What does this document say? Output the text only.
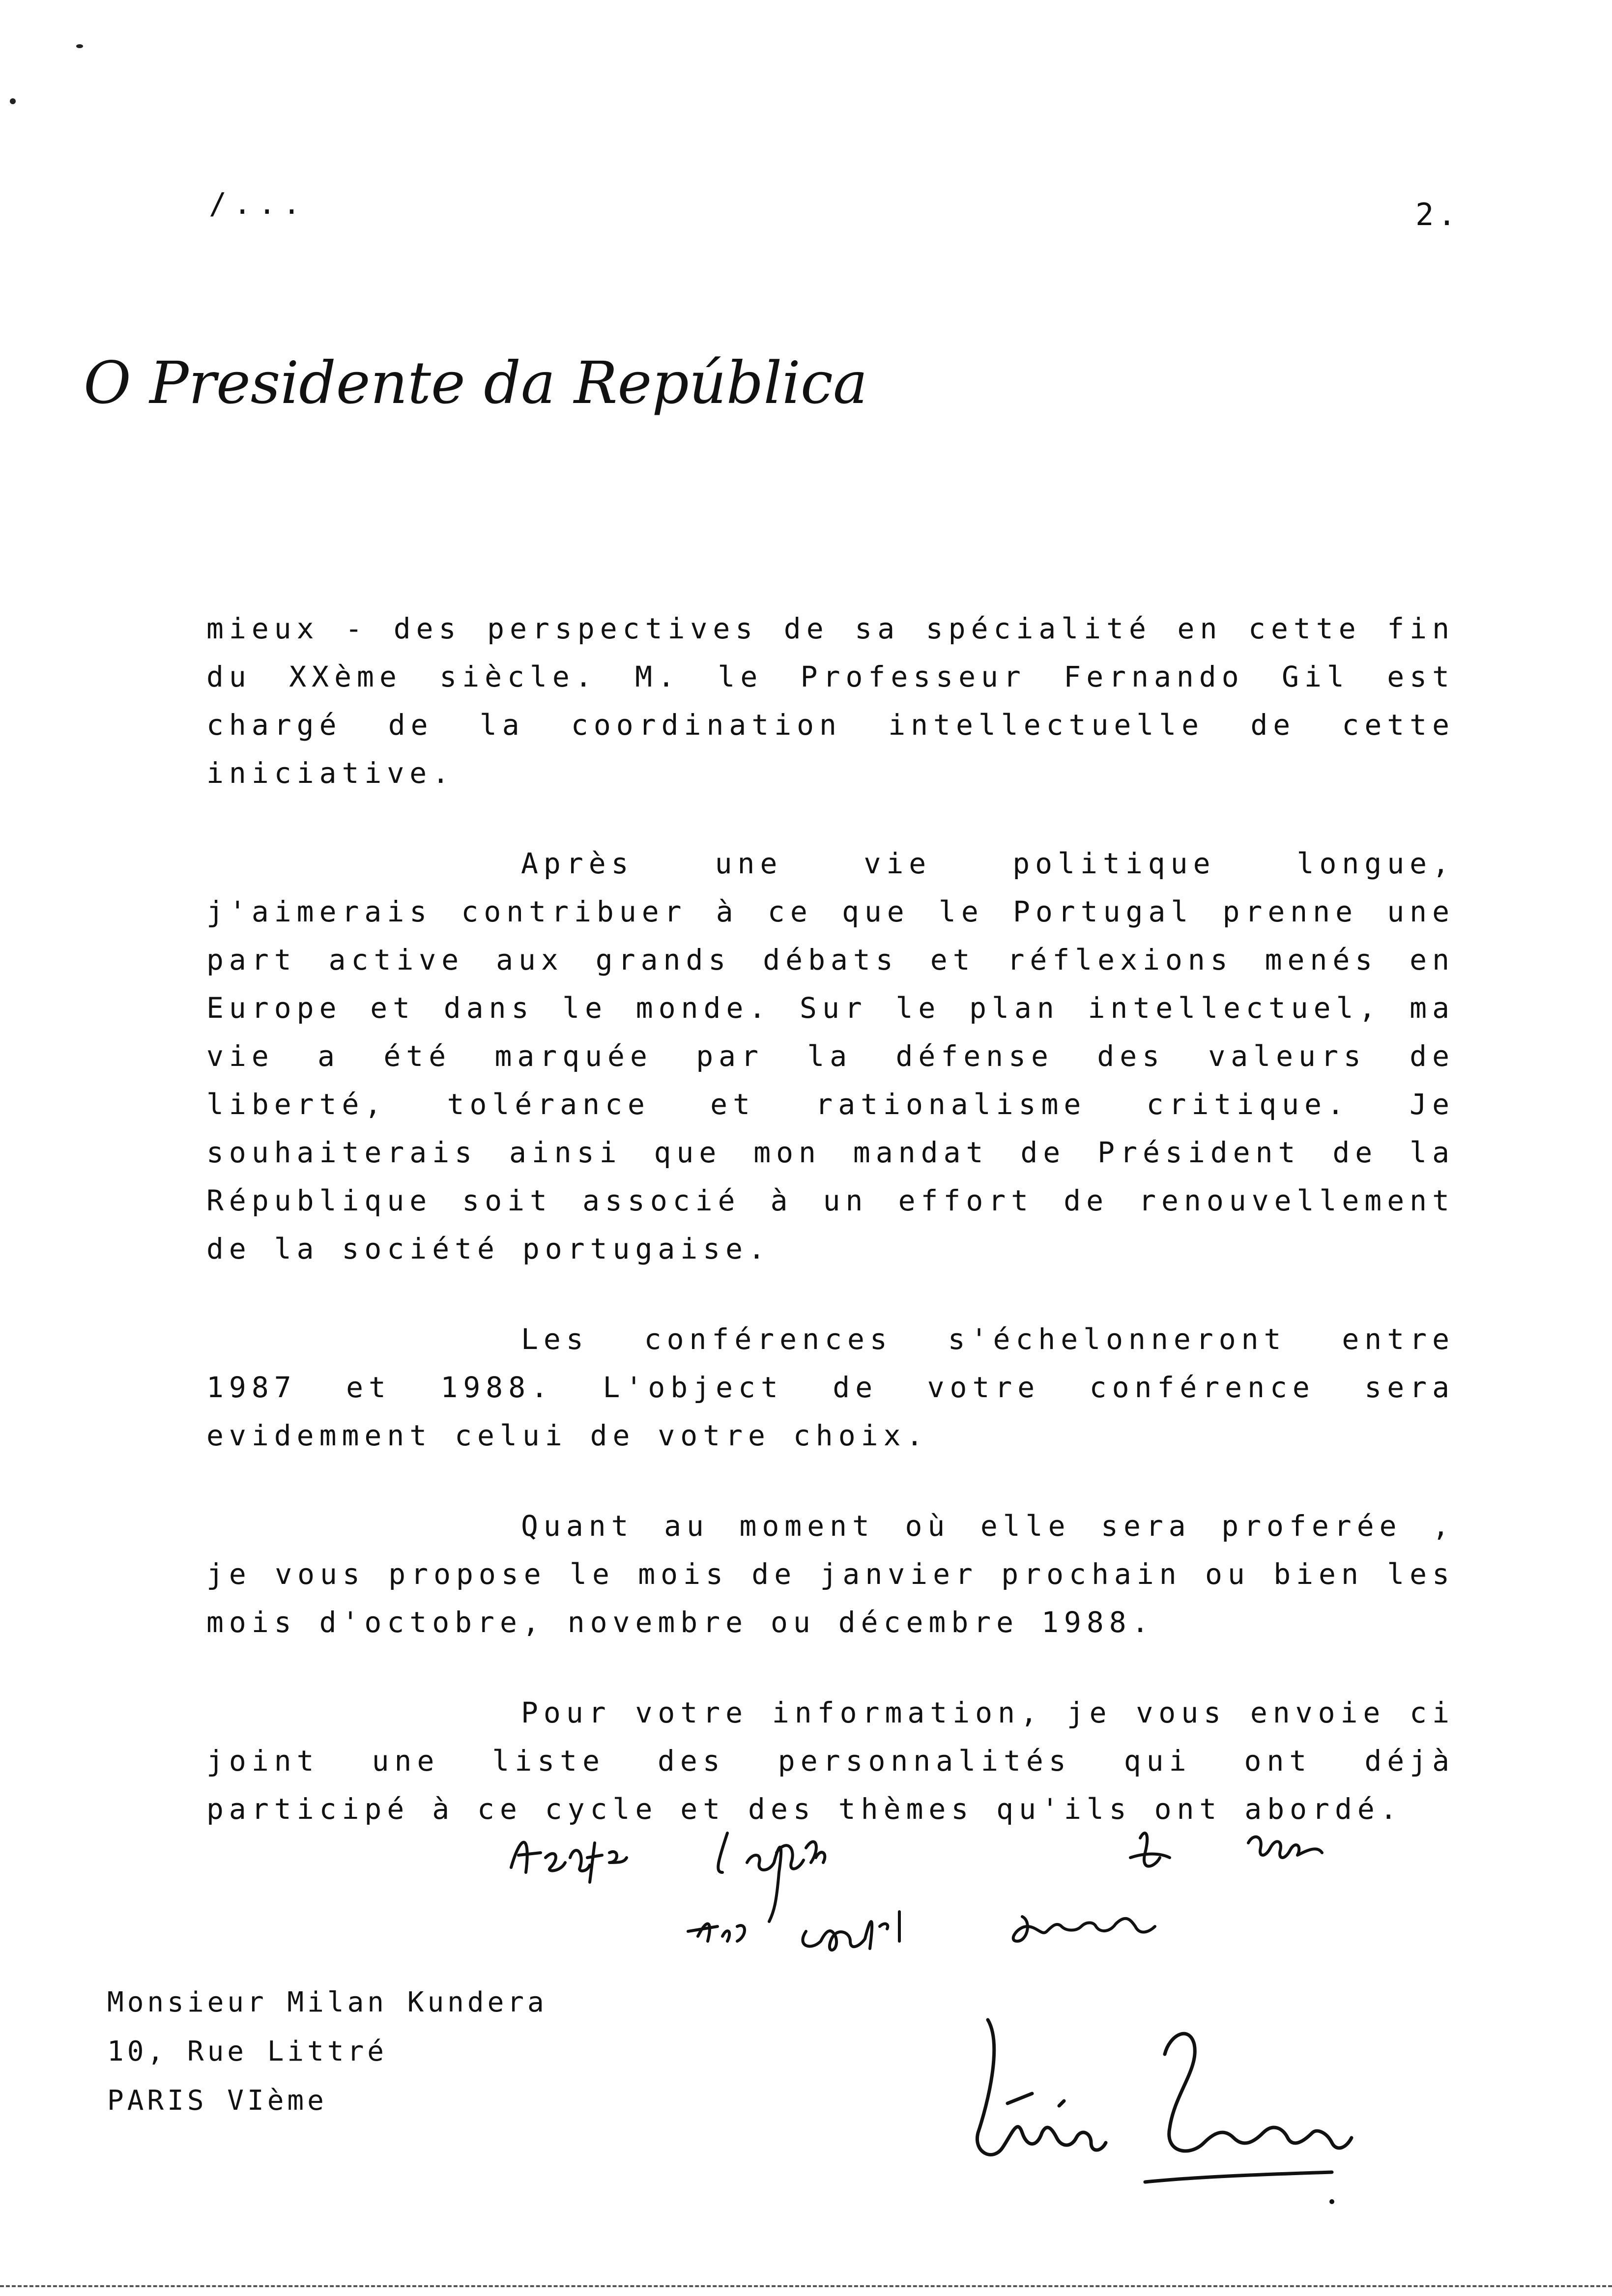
/...	2.
O Presidente da República

mieux - des perspectives de sa spécialité en cette fin du XXème siècle. M. le Professeur Fernando Gil est chargé de la coordination intellectuelle de cette iniciative.

Après une vie politique longue, j'aimerais contribuer à ce que le Portugal prenne une part active aux grands débats et réflexions menés en Europe et dans le monde. Sur le plan intellectuel, ma vie a été marquée par la défense des valeurs de liberté, tolérance et rationalisme critique. Je souhaiterais ainsi que mon mandat de Président de la République soit associé à un effort de renouvellement de la société portugaise.

Les conférences s'échelonneront entre 1987 et 1988. L'object de votre conférence sera evidemment celui de votre choix.

Quant au moment où elle sera proferée , je vous propose le mois de janvier prochain ou bien les mois d'octobre, novembre ou décembre 1988.

Pour votre information, je vous envoie ci joint une liste des personnalités qui ont déjà participé à ce cycle et des thèmes qu'ils ont abordé.

Monsieur Milan Kundera
10, Rue Littré
PARIS VIème
